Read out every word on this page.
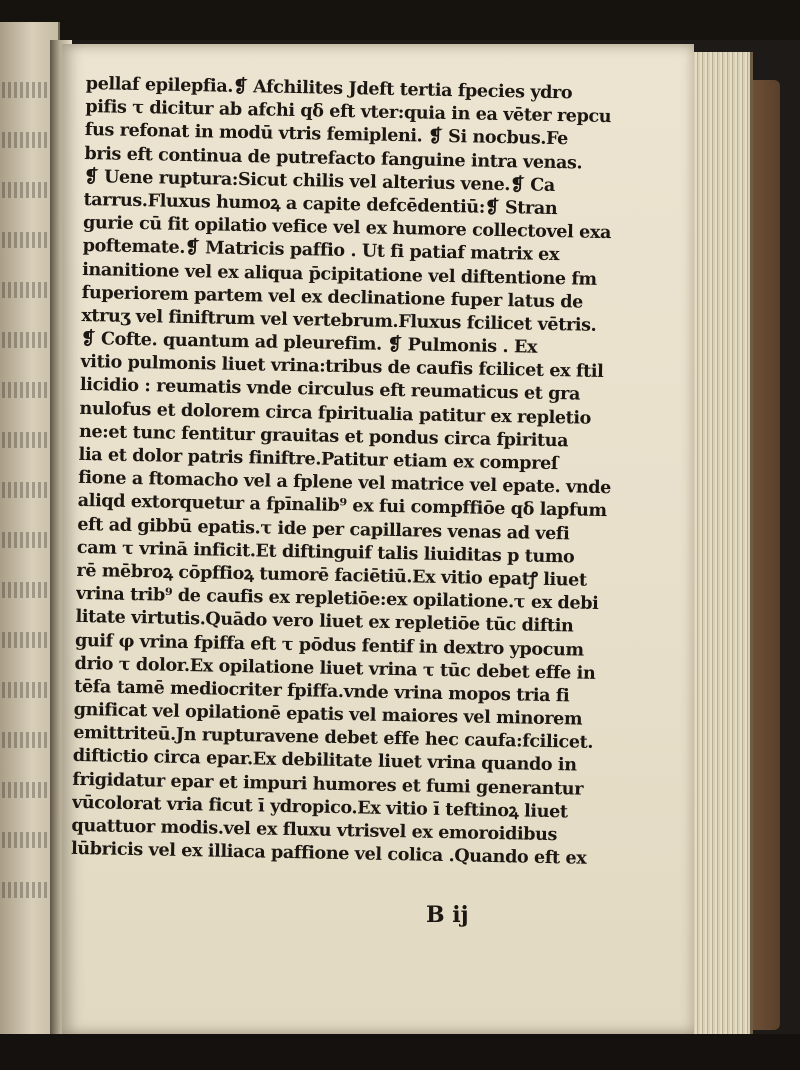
pellaf epilepfia.❡ Afchilites Jdeft tertia fpecies ydro
pifis τ dicitur ab afchi qδ eft vter:quia in ea vēter repcu
fus refonat in modū vtris femipleni. ❡ Si nocbus.Fe
bris eft continua de putrefacto fanguine intra venas.
❡ Uene ruptura:Sicut chilis vel alterius vene.❡ Ca
tarrus.Fluxus humoꝝ a capite defcēdentiū:❡ Stran
gurie cū fit opilatio vefice vel ex humore collectovel exa
poftemate.❡ Matricis paffio . Ut fi patiaf matrix ex
inanitione vel ex aliqua p̄cipitatione vel diftentione fm
fuperiorem partem vel ex declinatione fuper latus de
xtruʒ vel finiftrum vel vertebrum.Fluxus fcilicet vētris.
❡ Cofte. quantum ad pleurefim. ❡ Pulmonis . Ex
vitio pulmonis liuet vrina:tribus de caufis fcilicet ex ftil
licidio : reumatis vnde circulus eft reumaticus et gra
nulofus et dolorem circa fpiritualia patitur ex repletio
ne:et tunc fentitur grauitas et pondus circa fpiritua
lia et dolor patris finiftre.Patitur etiam ex compreſ
fione a ftomacho vel a fplene vel matrice vel epate. vnde
aliqd extorquetur a fpīnalib⁹ ex fui compffiōe qδ lapfum
eft ad gibbū epatis.τ ide per capillares venas ad vefi
cam τ vrinā inficit.Et diftinguif talis liuiditas p tumo
rē mēbroꝝ cōpffioꝝ tumorē faciētiū.Ex vitio epatꝭ liuet
vrina trib⁹ de caufis ex repletiōe:ex opilatione.τ ex debi
litate virtutis.Quādo vero liuet ex repletiōe tūc diftin
guif φ vrina fpiffa eft τ pōdus fentif in dextro ypocum
drio τ dolor.Ex opilatione liuet vrina τ tūc debet effe in
tēfa tamē mediocriter fpiffa.vnde vrina mopos tria fi
gnificat vel opilationē epatis vel maiores vel minorem
emittriteū.Jn rupturavene debet effe hec caufa:fcilicet.
diftictio circa epar.Ex debilitate liuet vrina quando in
frigidatur epar et impuri humores et fumi generantur
vūcolorat vria ficut ī ydropico.Ex vitio ī teftinoꝝ liuet
quattuor modis.vel ex fluxu vtrisvel ex emoroidibus
lūbricis vel ex illiaca paffione vel colica .Quando eft ex
B ij
